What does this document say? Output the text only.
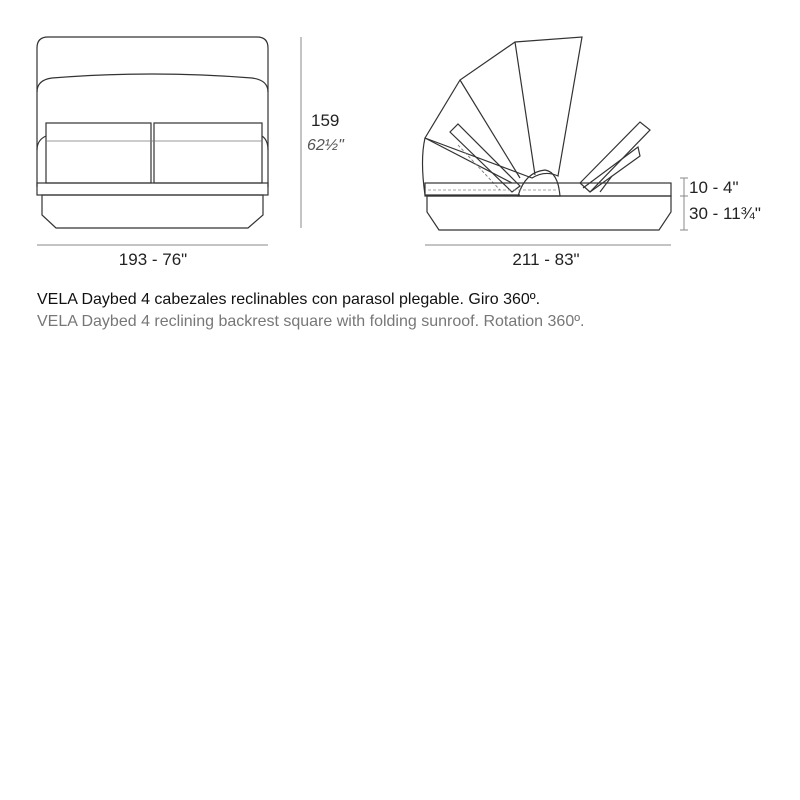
159
62½"
193 - 76"	211 - 83"
10 - 4"
30 - 11¾"
VELA Daybed 4 cabezales reclinables con parasol plegable. Giro 360º.
VELA Daybed 4 reclining backrest square with folding sunroof. Rotation 360º.
